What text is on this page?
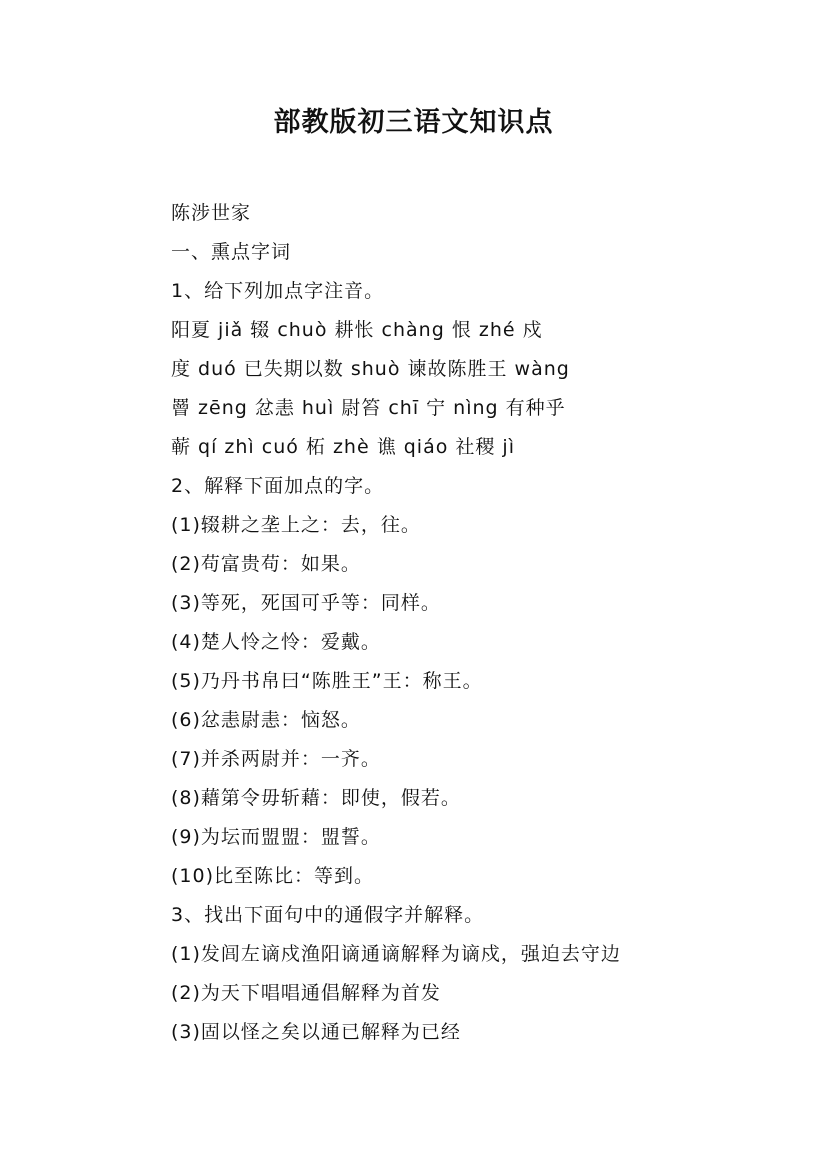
部教版初三语文知识点
陈涉世家
一、熏点字词
1、给下列加点字注音。
阳夏 jiǎ 辍 chuò 耕怅 chàng 恨 zhé 戍
度 duó 已失期以数 shuò 谏故陈胜王 wàng
罾 zēng 忿恚 huì 尉笞 chī 宁 nìng 有种乎
蕲 qí zhì cuó 柘 zhè 谯 qiáo 社稷 jì
2、解释下面加点的字。
(1)辍耕之垄上之：去，往。
(2)苟富贵苟：如果。
(3)等死，死国可乎等：同样。
(4)楚人怜之怜：爱戴。
(5)乃丹书帛曰“陈胜王”王：称王。
(6)忿恚尉恚：恼怒。
(7)并杀两尉并：一齐。
(8)藉第令毋斩藉：即使，假若。
(9)为坛而盟盟：盟誓。
(10)比至陈比：等到。
3、找出下面句中的通假字并解释。
(1)发闾左谪戍渔阳谪通谪解释为谪戍，强迫去守边
(2)为天下唱唱通倡解释为首发
(3)固以怪之矣以通已解释为已经
